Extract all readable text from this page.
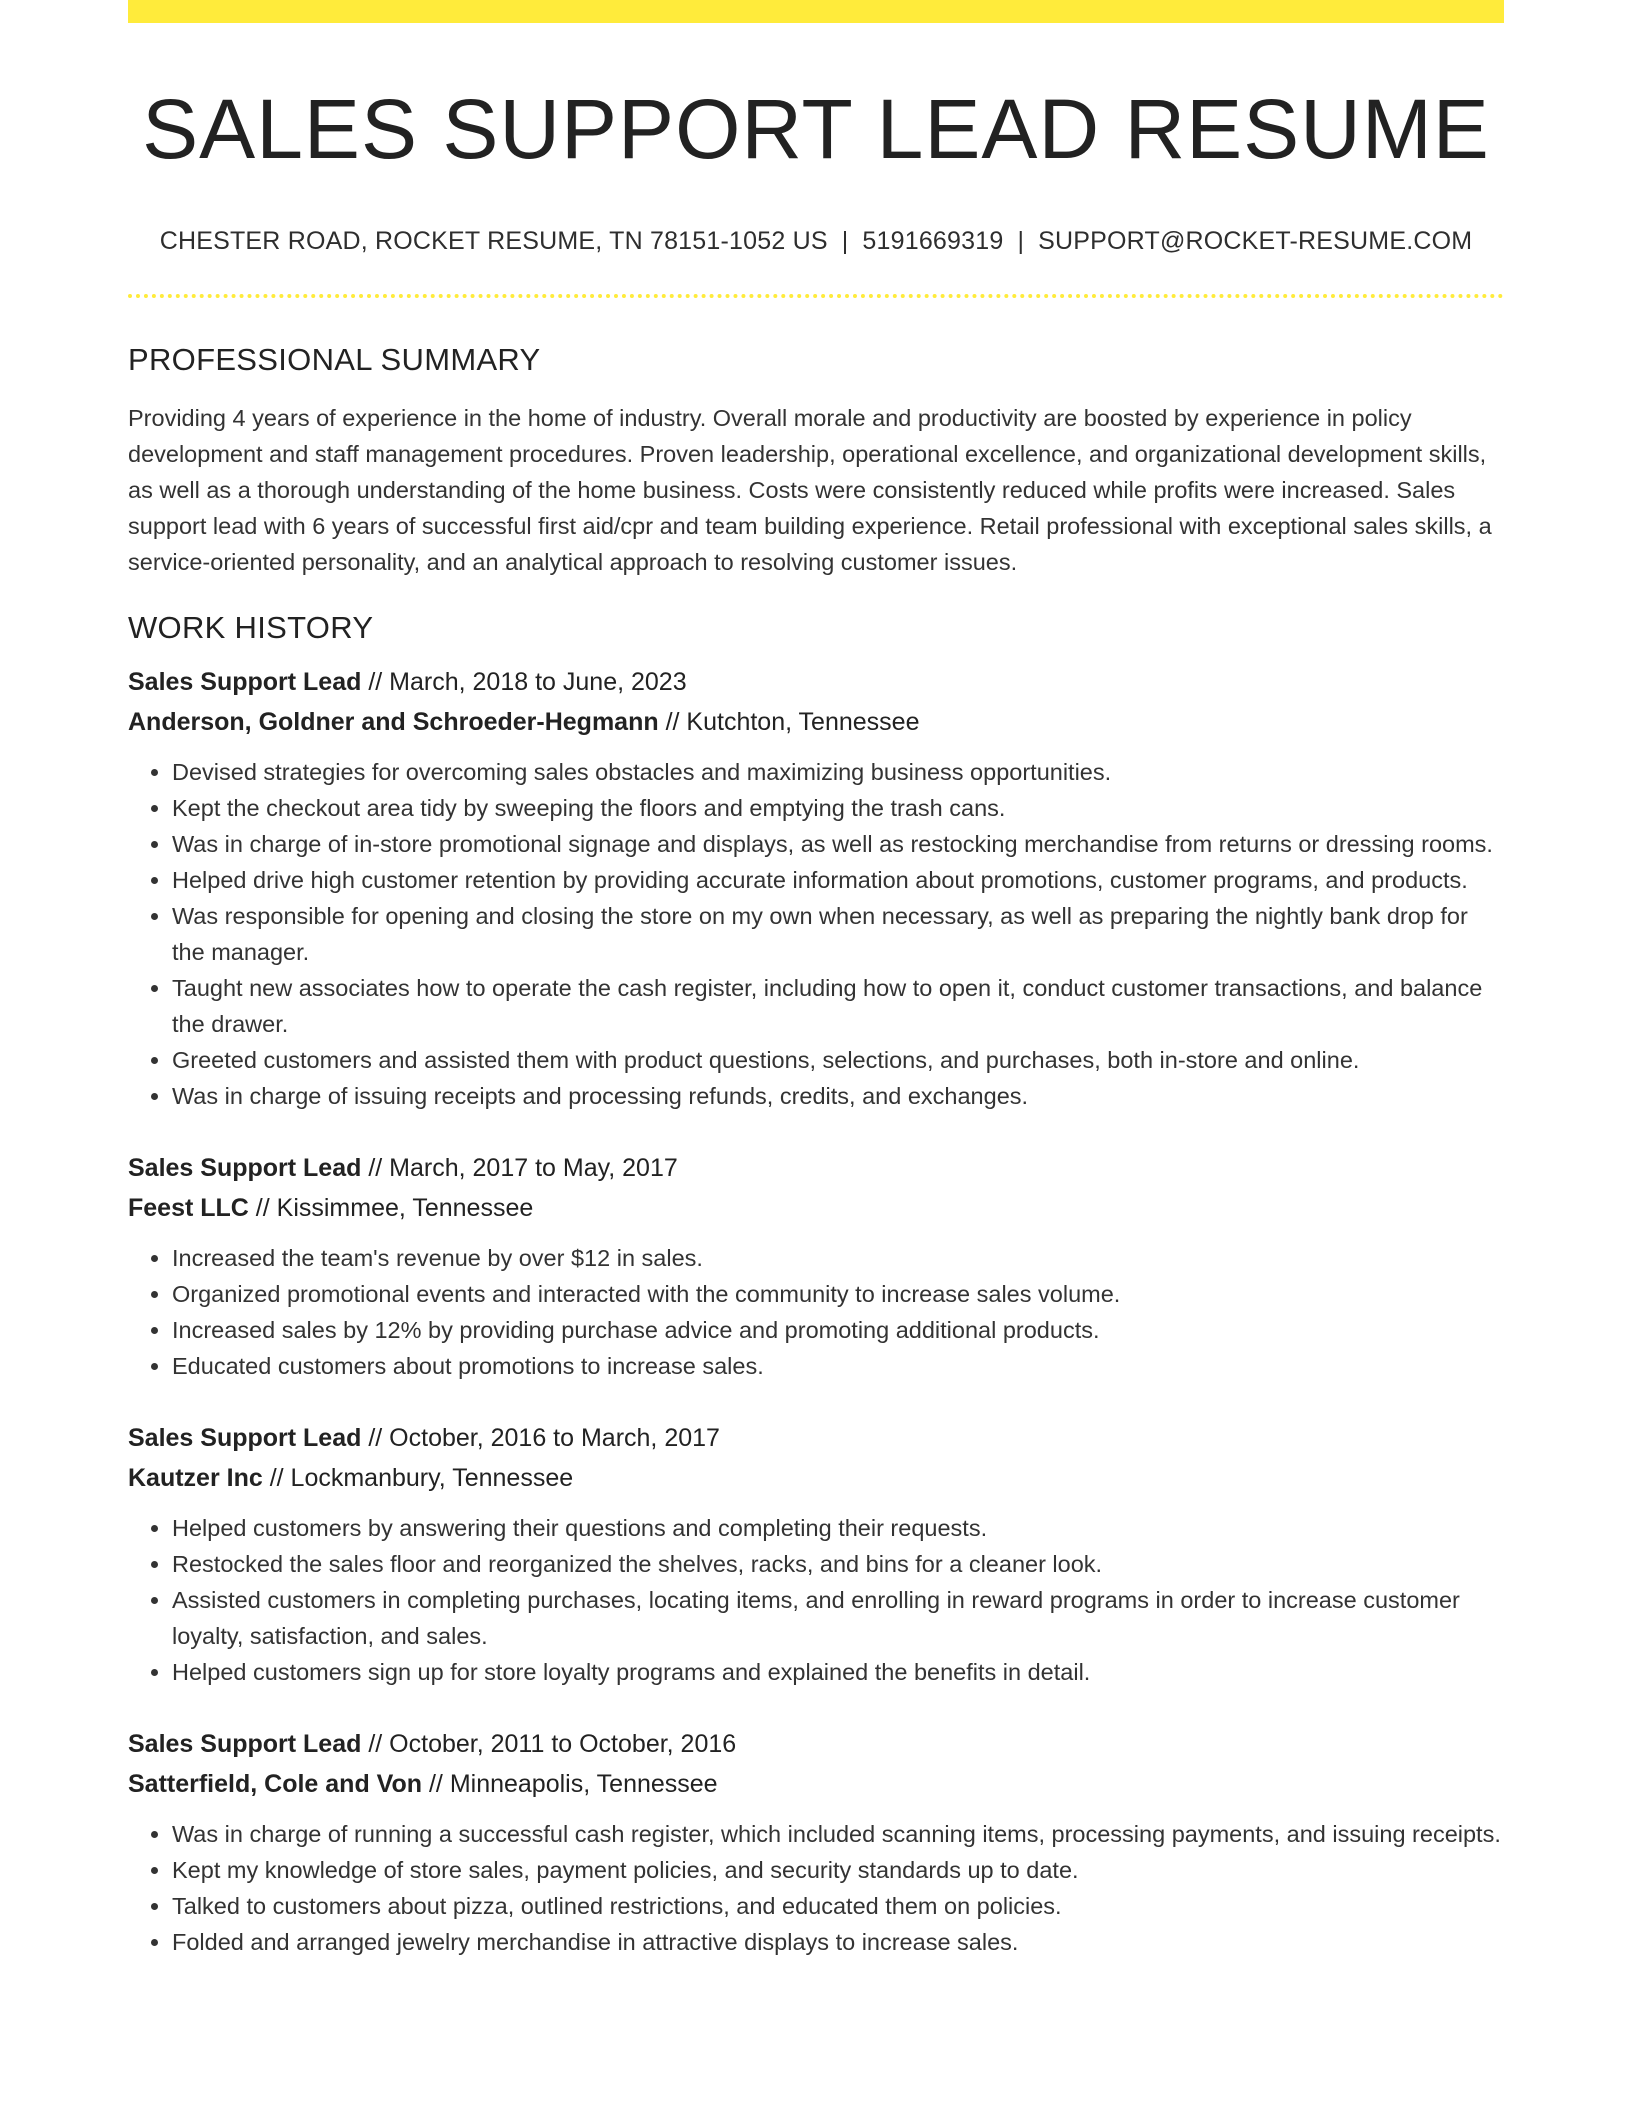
SALES SUPPORT LEAD RESUME
CHESTER ROAD, ROCKET RESUME, TN 78151-1052 US | 5191669319 | SUPPORT@ROCKET-RESUME.COM
PROFESSIONAL SUMMARY

Providing 4 years of experience in the home of industry. Overall morale and productivity are boosted by experience in policy development and staff management procedures. Proven leadership, operational excellence, and organizational development skills, as well as a thorough understanding of the home business. Costs were consistently reduced while profits were increased. Sales support lead with 6 years of successful first aid/cpr and team building experience. Retail professional with exceptional sales skills, a service-oriented personality, and an analytical approach to resolving customer issues.

WORK HISTORY
Sales Support Lead // March, 2018 to June, 2023
Anderson, Goldner and Schroeder-Hegmann // Kutchton, Tennessee
• Devised strategies for overcoming sales obstacles and maximizing business opportunities.
• Kept the checkout area tidy by sweeping the floors and emptying the trash cans.
• Was in charge of in-store promotional signage and displays, as well as restocking merchandise from returns or dressing rooms.
• Helped drive high customer retention by providing accurate information about promotions, customer programs, and products.
• Was responsible for opening and closing the store on my own when necessary, as well as preparing the nightly bank drop for the manager.
• Taught new associates how to operate the cash register, including how to open it, conduct customer transactions, and balance the drawer.
• Greeted customers and assisted them with product questions, selections, and purchases, both in-store and online.
• Was in charge of issuing receipts and processing refunds, credits, and exchanges.
Sales Support Lead // March, 2017 to May, 2017
Feest LLC // Kissimmee, Tennessee
• Increased the team's revenue by over $12 in sales.
• Organized promotional events and interacted with the community to increase sales volume.
• Increased sales by 12% by providing purchase advice and promoting additional products.
• Educated customers about promotions to increase sales.
Sales Support Lead // October, 2016 to March, 2017
Kautzer Inc // Lockmanbury, Tennessee
• Helped customers by answering their questions and completing their requests.
• Restocked the sales floor and reorganized the shelves, racks, and bins for a cleaner look.
• Assisted customers in completing purchases, locating items, and enrolling in reward programs in order to increase customer loyalty, satisfaction, and sales.
• Helped customers sign up for store loyalty programs and explained the benefits in detail.
Sales Support Lead // October, 2011 to October, 2016
Satterfield, Cole and Von // Minneapolis, Tennessee
• Was in charge of running a successful cash register, which included scanning items, processing payments, and issuing receipts.
• Kept my knowledge of store sales, payment policies, and security standards up to date.
• Talked to customers about pizza, outlined restrictions, and educated them on policies.
• Folded and arranged jewelry merchandise in attractive displays to increase sales.
